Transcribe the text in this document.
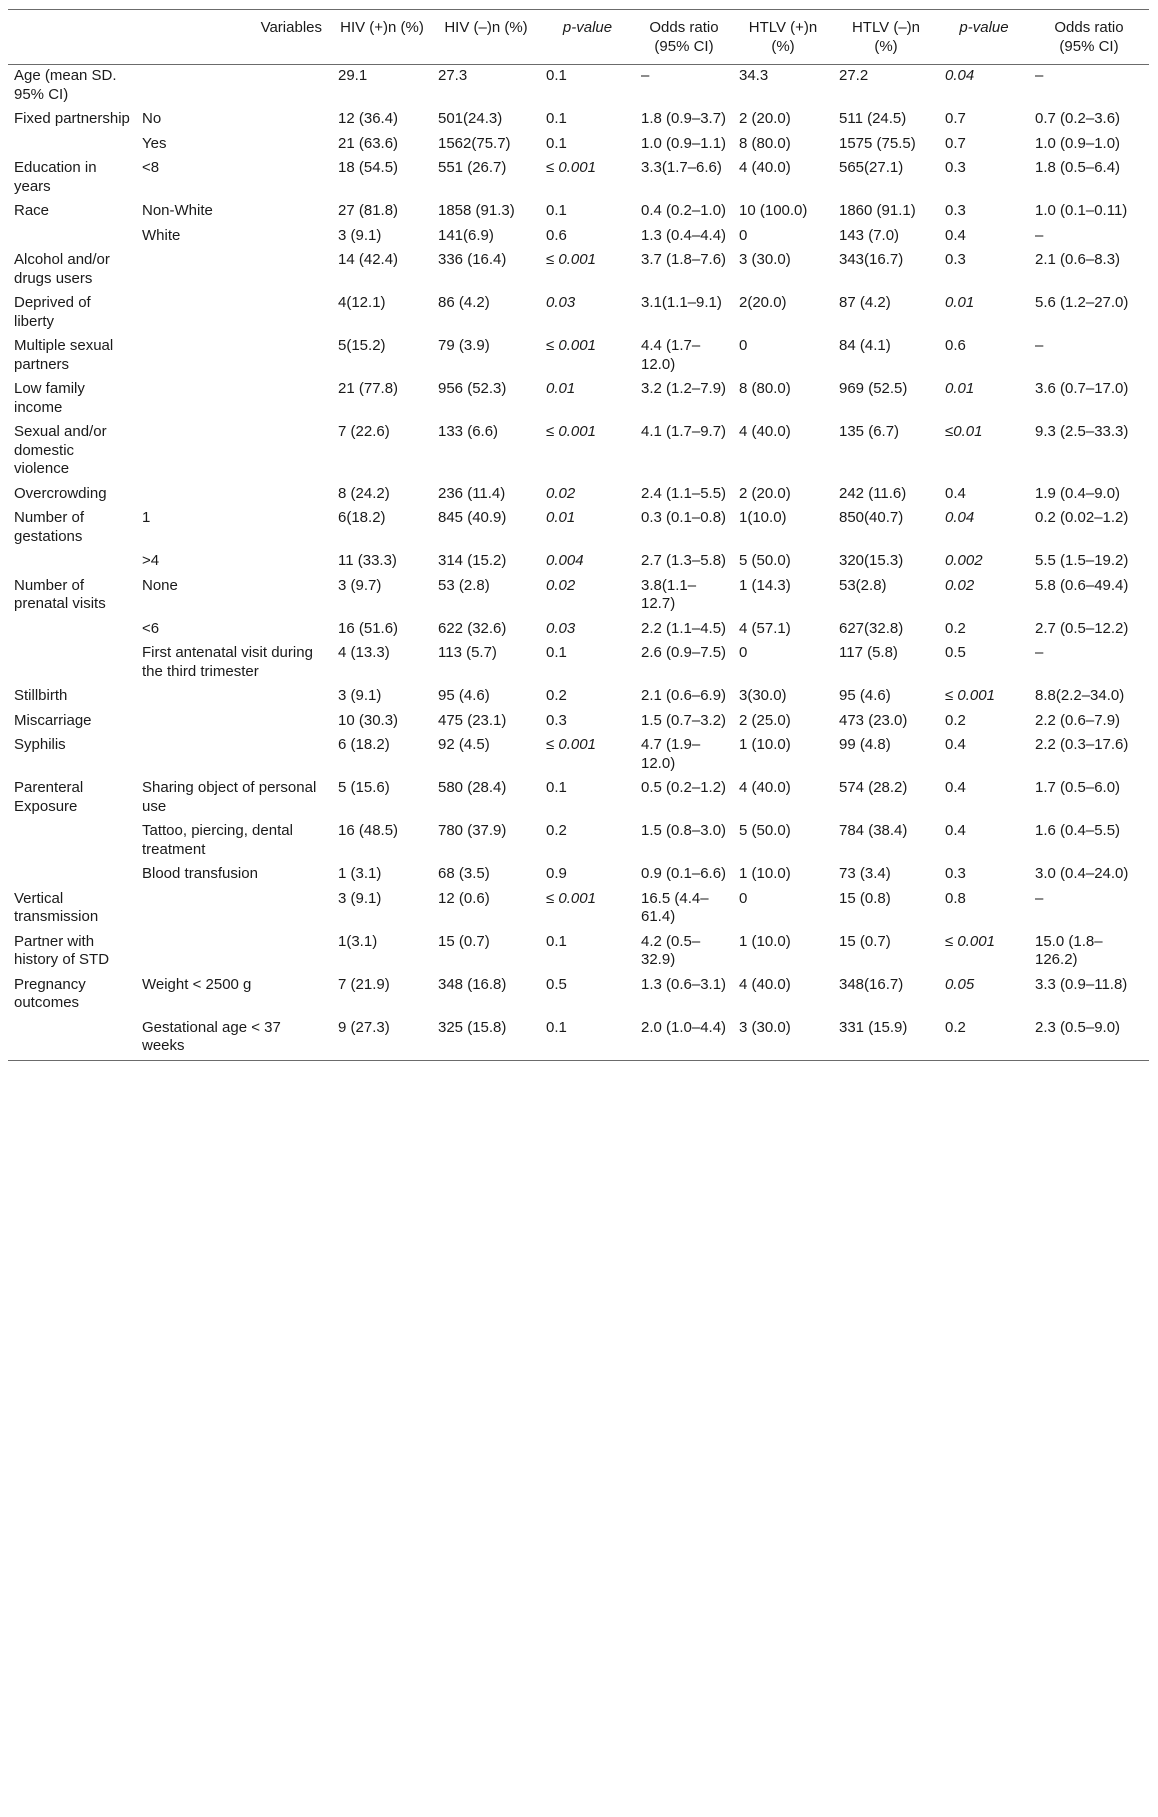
	Variables	HIV (+)n (%)	HIV (–)n (%)	p-value	Odds ratio (95% CI)	HTLV (+)n (%)	HTLV (–)n (%)	p-value	Odds ratio (95% CI)
Age (mean SD. 95% CI)		29.1	27.3	0.1	–	34.3	27.2	0.04	–
Fixed partnership	No	12 (36.4)	501(24.3)	0.1	1.8 (0.9–3.7)	2 (20.0)	511 (24.5)	0.7	0.7 (0.2–3.6)
	Yes	21 (63.6)	1562(75.7)	0.1	1.0 (0.9–1.1)	8 (80.0)	1575 (75.5)	0.7	1.0 (0.9–1.0)
Education in years	<8	18 (54.5)	551 (26.7)	≤ 0.001	3.3(1.7–6.6)	4 (40.0)	565(27.1)	0.3	1.8 (0.5–6.4)
Race	Non-White	27 (81.8)	1858 (91.3)	0.1	0.4 (0.2–1.0)	10 (100.0)	1860 (91.1)	0.3	1.0 (0.1–0.11)
	White	3 (9.1)	141(6.9)	0.6	1.3 (0.4–4.4)	0	143 (7.0)	0.4	–
Alcohol and/or drugs users		14 (42.4)	336 (16.4)	≤ 0.001	3.7 (1.8–7.6)	3 (30.0)	343(16.7)	0.3	2.1 (0.6–8.3)
Deprived of liberty		4(12.1)	86 (4.2)	0.03	3.1(1.1–9.1)	2(20.0)	87 (4.2)	0.01	5.6 (1.2–27.0)
Multiple sexual partners		5(15.2)	79 (3.9)	≤ 0.001	4.4 (1.7–12.0)	0	84 (4.1)	0.6	–
Low family income		21 (77.8)	956 (52.3)	0.01	3.2 (1.2–7.9)	8 (80.0)	969 (52.5)	0.01	3.6 (0.7–17.0)
Sexual and/or domestic violence		7 (22.6)	133 (6.6)	≤ 0.001	4.1 (1.7–9.7)	4 (40.0)	135 (6.7)	≤0.01	9.3 (2.5–33.3)
Overcrowding		8 (24.2)	236 (11.4)	0.02	2.4 (1.1–5.5)	2 (20.0)	242 (11.6)	0.4	1.9 (0.4–9.0)
Number of gestations	1	6(18.2)	845 (40.9)	0.01	0.3 (0.1–0.8)	1(10.0)	850(40.7)	0.04	0.2 (0.02–1.2)
	>4	11 (33.3)	314 (15.2)	0.004	2.7 (1.3–5.8)	5 (50.0)	320(15.3)	0.002	5.5 (1.5–19.2)
Number of prenatal visits	None	3 (9.7)	53 (2.8)	0.02	3.8(1.1–12.7)	1 (14.3)	53(2.8)	0.02	5.8 (0.6–49.4)
	<6	16 (51.6)	622 (32.6)	0.03	2.2 (1.1–4.5)	4 (57.1)	627(32.8)	0.2	2.7 (0.5–12.2)
	First antenatal visit during the third trimester	4 (13.3)	113 (5.7)	0.1	2.6 (0.9–7.5)	0	117 (5.8)	0.5	–
Stillbirth		3 (9.1)	95 (4.6)	0.2	2.1 (0.6–6.9)	3(30.0)	95 (4.6)	≤ 0.001	8.8(2.2–34.0)
Miscarriage		10 (30.3)	475 (23.1)	0.3	1.5 (0.7–3.2)	2 (25.0)	473 (23.0)	0.2	2.2 (0.6–7.9)
Syphilis		6 (18.2)	92 (4.5)	≤ 0.001	4.7 (1.9–12.0)	1 (10.0)	99 (4.8)	0.4	2.2 (0.3–17.6)
Parenteral Exposure	Sharing object of personal use	5 (15.6)	580 (28.4)	0.1	0.5 (0.2–1.2)	4 (40.0)	574 (28.2)	0.4	1.7 (0.5–6.0)
	Tattoo, piercing, dental treatment	16 (48.5)	780 (37.9)	0.2	1.5 (0.8–3.0)	5 (50.0)	784 (38.4)	0.4	1.6 (0.4–5.5)
	Blood transfusion	1 (3.1)	68 (3.5)	0.9	0.9 (0.1–6.6)	1 (10.0)	73 (3.4)	0.3	3.0 (0.4–24.0)
Vertical transmission		3 (9.1)	12 (0.6)	≤ 0.001	16.5 (4.4–61.4)	0	15 (0.8)	0.8	–
Partner with history of STD		1(3.1)	15 (0.7)	0.1	4.2 (0.5–32.9)	1 (10.0)	15 (0.7)	≤ 0.001	15.0 (1.8–126.2)
Pregnancy outcomes	Weight < 2500 g	7 (21.9)	348 (16.8)	0.5	1.3 (0.6–3.1)	4 (40.0)	348(16.7)	0.05	3.3 (0.9–11.8)
	Gestational age < 37 weeks	9 (27.3)	325 (15.8)	0.1	2.0 (1.0–4.4)	3 (30.0)	331 (15.9)	0.2	2.3 (0.5–9.0)
